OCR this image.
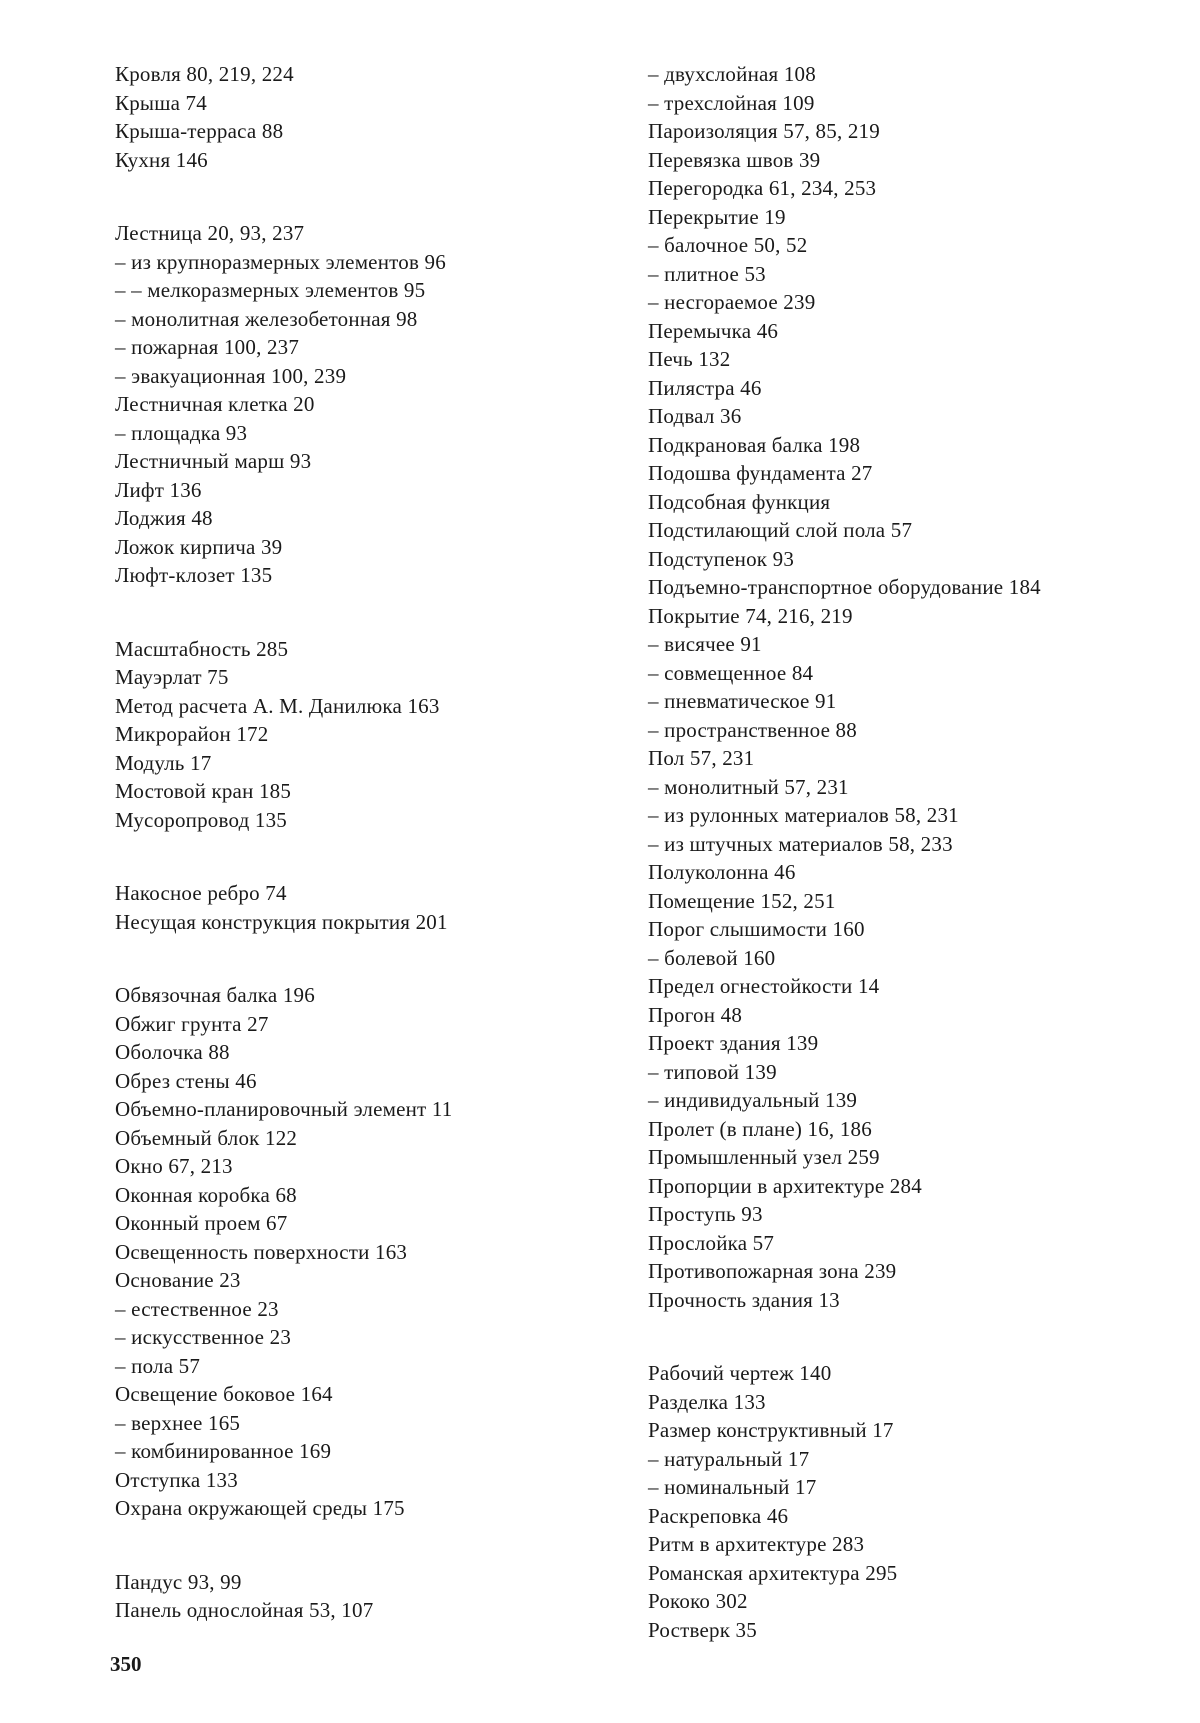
Кровля 80, 219, 224
Крыша 74
Крыша-терраса 88
Кухня 146
Лестница 20, 93, 237
– из крупноразмерных элементов 96
– – мелкоразмерных элементов 95
– монолитная железобетонная 98
– пожарная 100, 237
– эвакуационная 100, 239
Лестничная клетка 20
– площадка 93
Лестничный марш 93
Лифт 136
Лоджия 48
Ложок кирпича 39
Люфт-клозет 135
Масштабность 285
Мауэрлат 75
Метод расчета А. М. Данилюка 163
Микрорайон 172
Модуль 17
Мостовой кран 185
Мусоропровод 135
Накосное ребро 74
Несущая конструкция покрытия 201
Обвязочная балка 196
Обжиг грунта 27
Оболочка 88
Обрез стены 46
Объемно-планировочный элемент 11
Объемный блок 122
Окно 67, 213
Оконная коробка 68
Оконный проем 67
Освещенность поверхности 163
Основание 23
– естественное 23
– искусственное 23
– пола 57
Освещение боковое 164
– верхнее 165
– комбинированное 169
Отступка 133
Охрана окружающей среды 175
Пандус 93, 99
Панель однослойная 53, 107
– двухслойная 108
– трехслойная 109
Пароизоляция 57, 85, 219
Перевязка швов 39
Перегородка 61, 234, 253
Перекрытие 19
– балочное 50, 52
– плитное 53
– несгораемое 239
Перемычка 46
Печь 132
Пилястра 46
Подвал 36
Подкрановая балка 198
Подошва фундамента 27
Подсобная функция
Подстилающий слой пола 57
Подступенок 93
Подъемно-транспортное оборудование 184
Покрытие 74, 216, 219
– висячее 91
– совмещенное 84
– пневматическое 91
– пространственное 88
Пол 57, 231
– монолитный 57, 231
– из рулонных материалов 58, 231
– из штучных материалов 58, 233
Полуколонна 46
Помещение 152, 251
Порог слышимости 160
– болевой 160
Предел огнестойкости 14
Прогон 48
Проект здания 139
– типовой 139
– индивидуальный 139
Пролет (в плане) 16, 186
Промышленный узел 259
Пропорции в архитектуре 284
Проступь 93
Прослойка 57
Противопожарная зона 239
Прочность здания 13
Рабочий чертеж 140
Разделка 133
Размер конструктивный 17
– натуральный 17
– номинальный 17
Раскреповка 46
Ритм в архитектуре 283
Романская архитектура 295
Рококо 302
Ростверк 35
350
